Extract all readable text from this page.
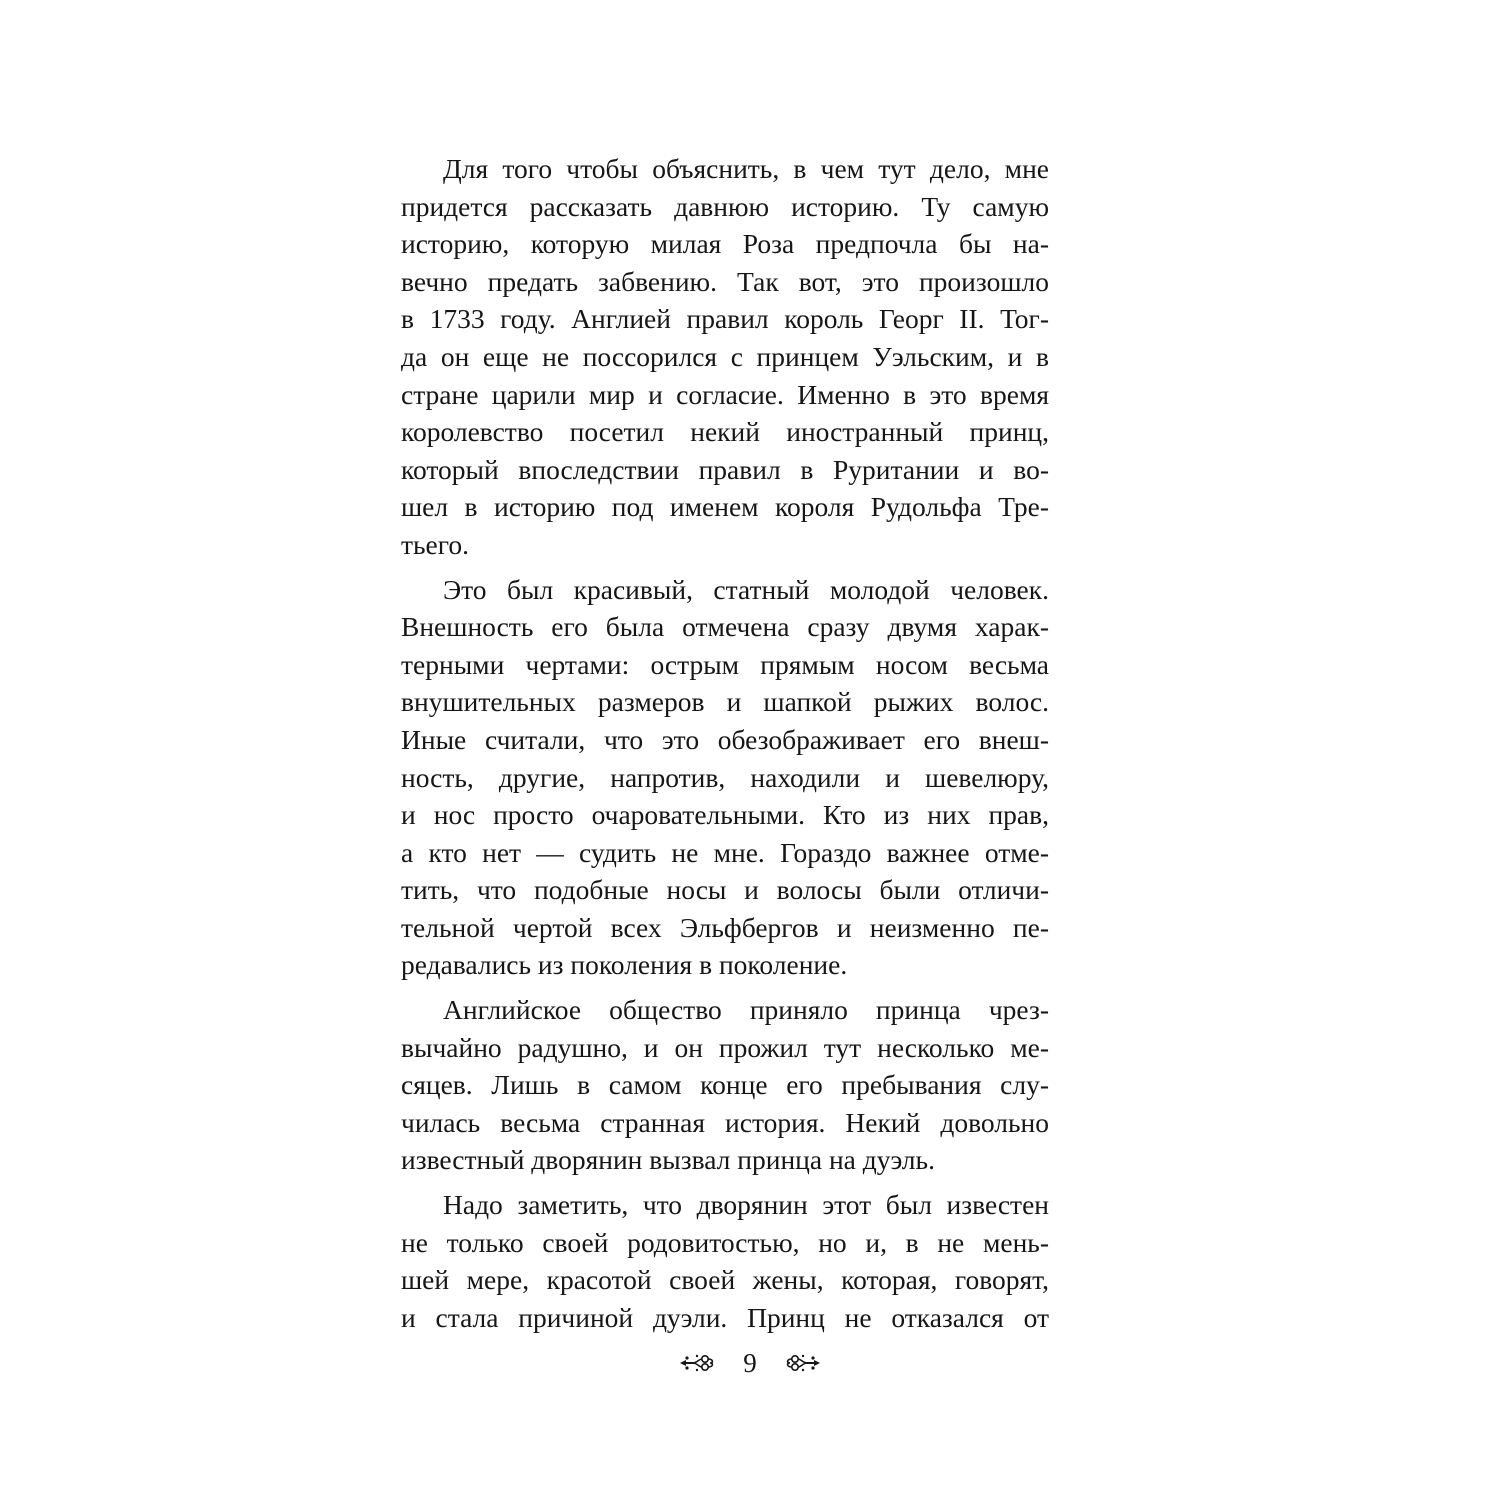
Для того чтобы объяснить, в чем тут дело, мне
придется рассказать давнюю историю. Ту самую
историю, которую милая Роза предпочла бы на-
вечно предать забвению. Так вот, это произошло
в 1733 году. Англией правил король Георг II. Тог-
да он еще не поссорился с принцем Уэльским, и в
стране царили мир и согласие. Именно в это время
королевство посетил некий иностранный принц,
который впоследствии правил в Руритании и во-
шел в историю под именем короля Рудольфа Тре-
тьего.
Это был красивый, статный молодой человек.
Внешность его была отмечена сразу двумя харак-
терными чертами: острым прямым носом весьма
внушительных размеров и шапкой рыжих волос.
Иные считали, что это обезображивает его внеш-
ность, другие, напротив, находили и шевелюру,
и нос просто очаровательными. Кто из них прав,
а кто нет — судить не мне. Гораздо важнее отме-
тить, что подобные носы и волосы были отличи-
тельной чертой всех Эльфбергов и неизменно пе-
редавались из поколения в поколение.
Английское общество приняло принца чрез-
вычайно радушно, и он прожил тут несколько ме-
сяцев. Лишь в самом конце его пребывания слу-
чилась весьма странная история. Некий довольно
известный дворянин вызвал принца на дуэль.
Надо заметить, что дворянин этот был известен
не только своей родовитостью, но и, в не мень-
шей мере, красотой своей жены, которая, говорят,
и стала причиной дуэли. Принц не отказался от
9
